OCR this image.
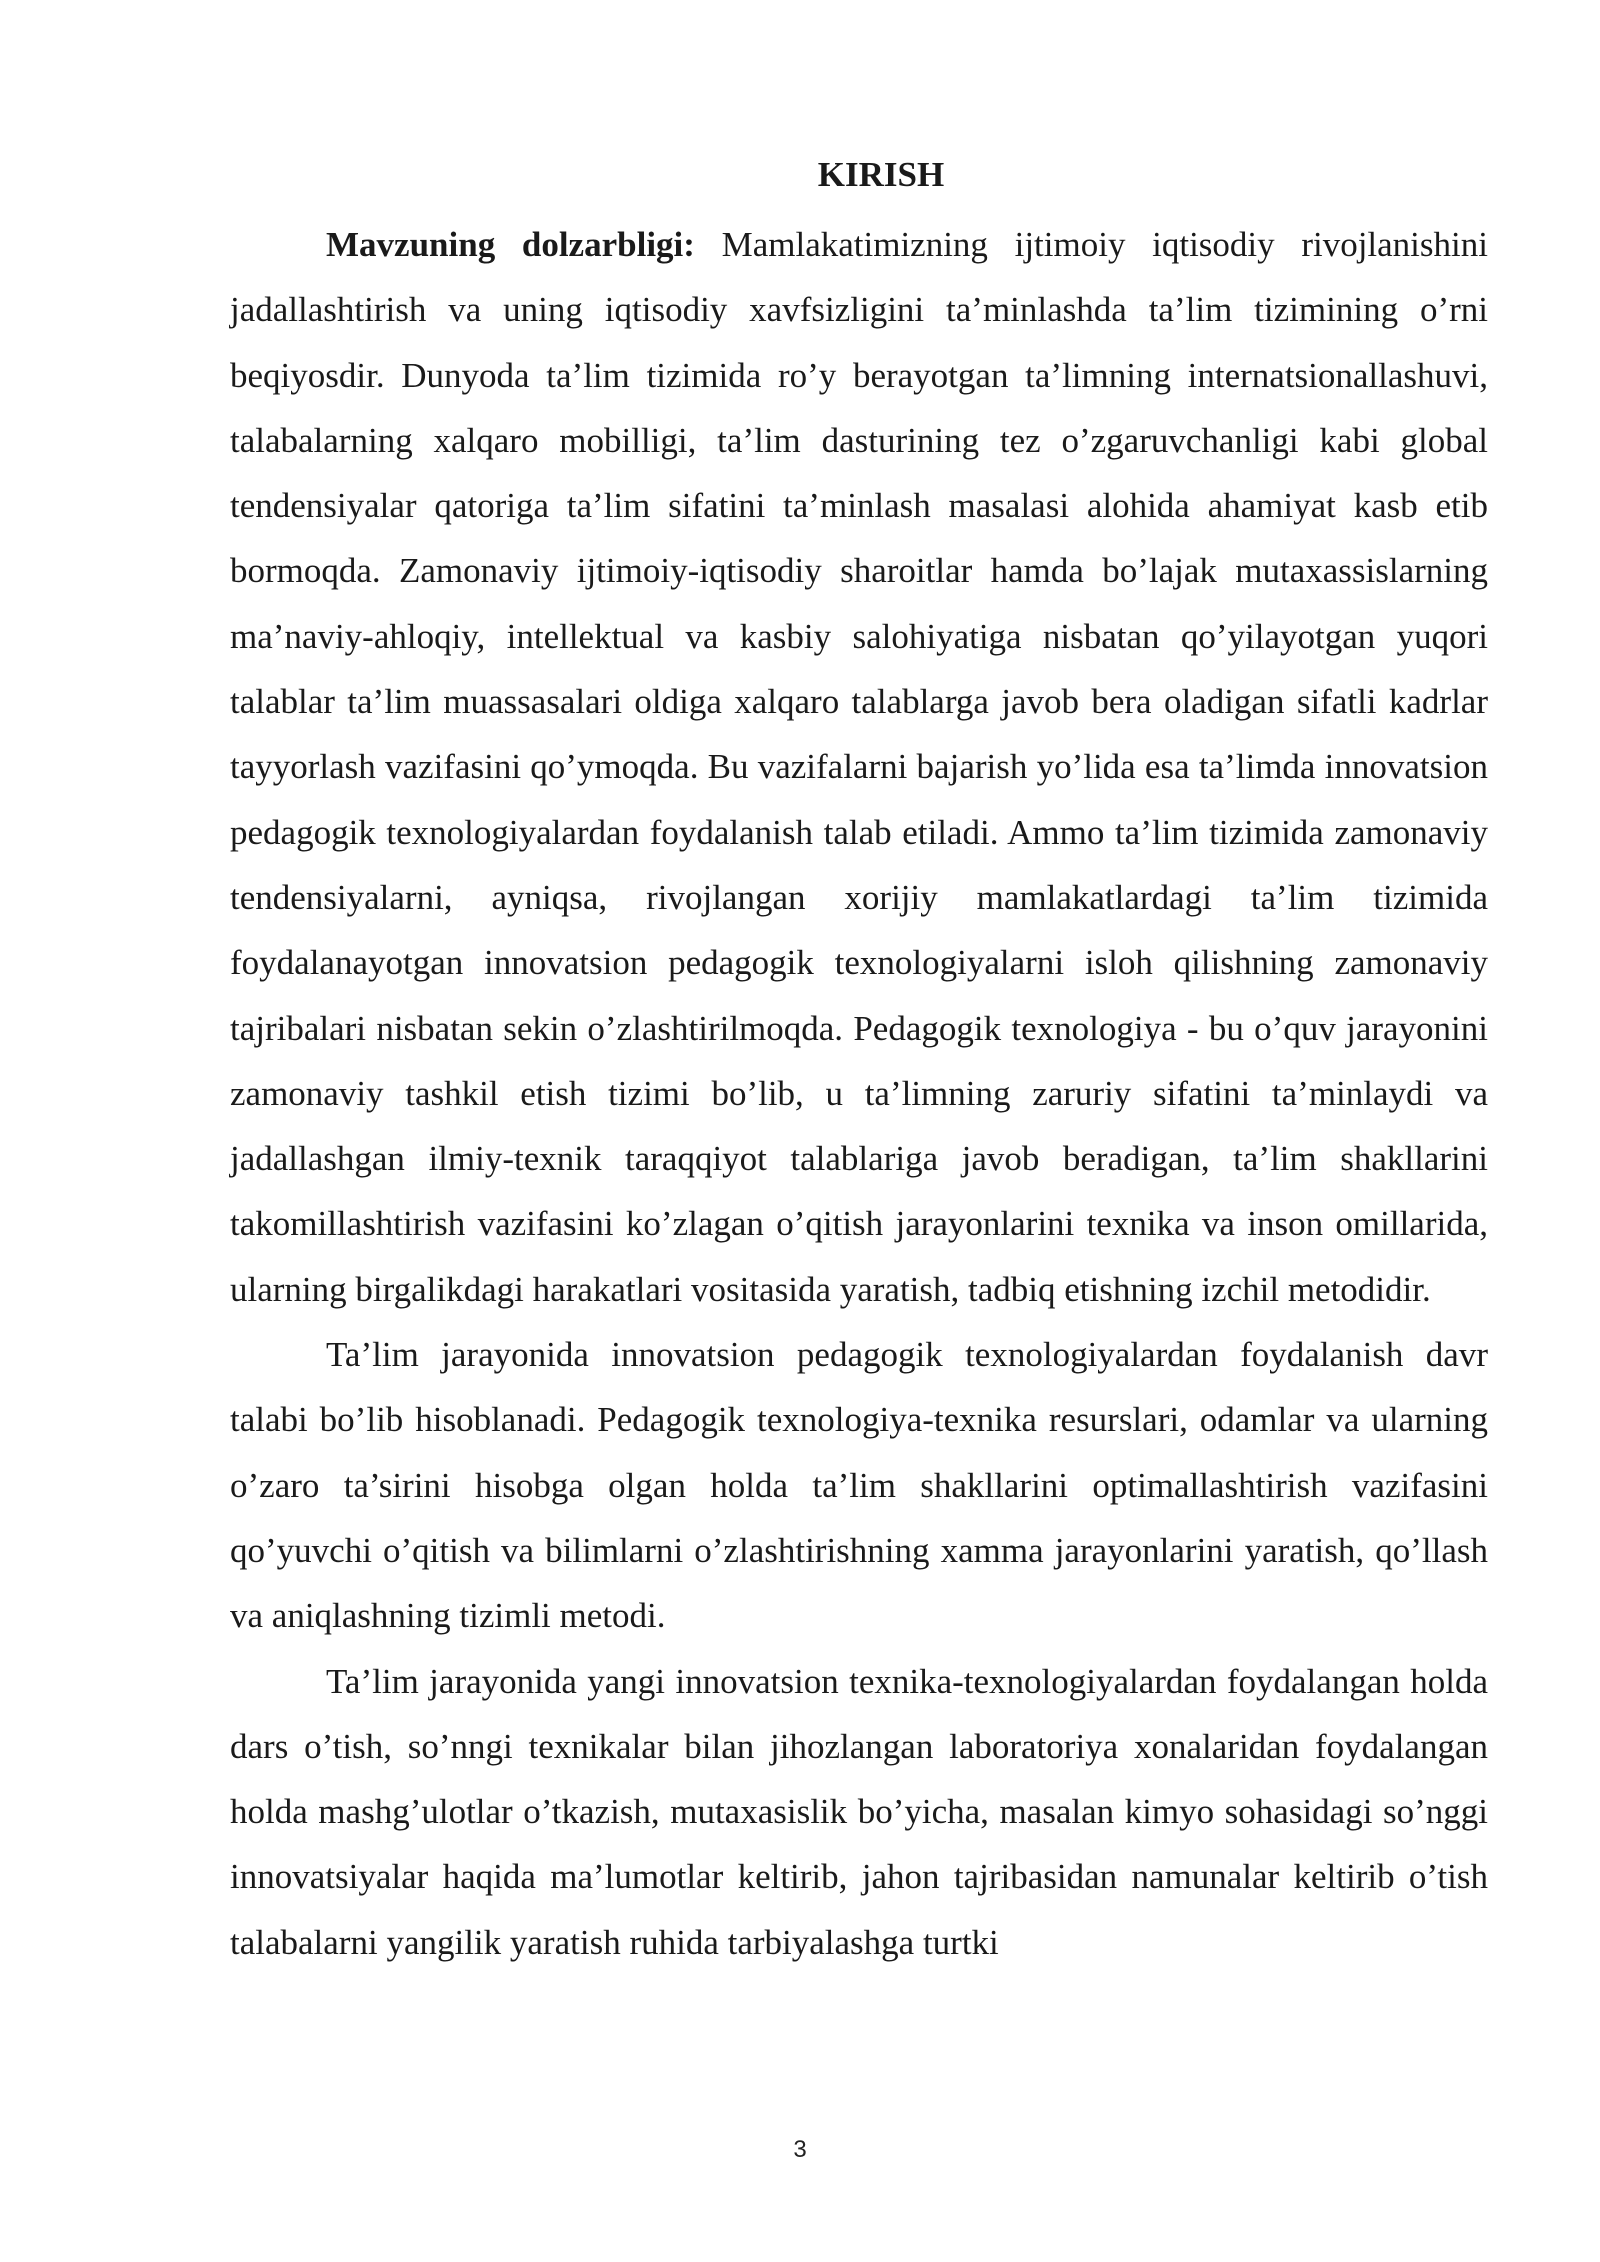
KIRISH

Mavzuning dolzarbligi: Mamlakatimizning ijtimoiy iqtisodiy rivojlanishini jadallashtirish va uning iqtisodiy xavfsizligini ta’minlashda ta’lim tizimining o’rni beqiyosdir. Dunyoda ta’lim tizimida ro’y berayotgan ta’limning internatsionallashuvi, talabalarning xalqaro mobilligi, ta’lim dasturining tez o’zgaruvchanligi kabi global tendensiyalar qatoriga ta’lim sifatini ta’minlash masalasi alohida ahamiyat kasb etib bormoqda. Zamonaviy ijtimoiy-iqtisodiy sharoitlar hamda bo’lajak mutaxassislarning ma’naviy-ahloqiy, intellektual va kasbiy salohiyatiga nisbatan qo’yilayotgan yuqori talablar ta’lim muassasalari oldiga xalqaro talablarga javob bera oladigan sifatli kadrlar tayyorlash vazifasini qo’ymoqda. Bu vazifalarni bajarish yo’lida esa ta’limda innovatsion pedagogik texnologiyalardan foydalanish talab etiladi. Ammo ta’lim tizimida zamonaviy tendensiyalarni, ayniqsa, rivojlangan xorijiy mamlakatlardagi ta’lim tizimida foydalanayotgan innovatsion pedagogik texnologiyalarni isloh qilishning zamonaviy tajribalari nisbatan sekin o’zlashtirilmoqda. Pedagogik texnologiya - bu o’quv jarayonini zamonaviy tashkil etish tizimi bo’lib, u ta’limning zaruriy sifatini ta’minlaydi va jadallashgan ilmiy-texnik taraqqiyot talablariga javob beradigan, ta’lim shakllarini takomillashtirish vazifasini ko’zlagan o’qitish jarayonlarini texnika va inson omillarida, ularning birgalikdagi harakatlari vositasida yaratish, tadbiq etishning izchil metodidir.

Ta’lim jarayonida innovatsion pedagogik texnologiyalardan foydalanish davr talabi bo’lib hisoblanadi. Pedagogik texnologiya-texnika resurslari, odamlar va ularning o’zaro ta’sirini hisobga olgan holda ta’lim shakllarini optimallashtirish vazifasini qo’yuvchi o’qitish va bilimlarni o’zlashtirishning xamma jarayonlarini yaratish, qo’llash va aniqlashning tizimli metodi.

Ta’lim jarayonida yangi innovatsion texnika-texnologiyalardan foydalangan holda dars o’tish, so’nngi texnikalar bilan jihozlangan laboratoriya xonalaridan foydalangan holda mashg’ulotlar o’tkazish, mutaxasislik bo’yicha, masalan kimyo sohasidagi so’nggi innovatsiyalar haqida ma’lumotlar keltirib, jahon tajribasidan namunalar keltirib o’tish talabalarni yangilik yaratish ruhida tarbiyalashga turtki

3
